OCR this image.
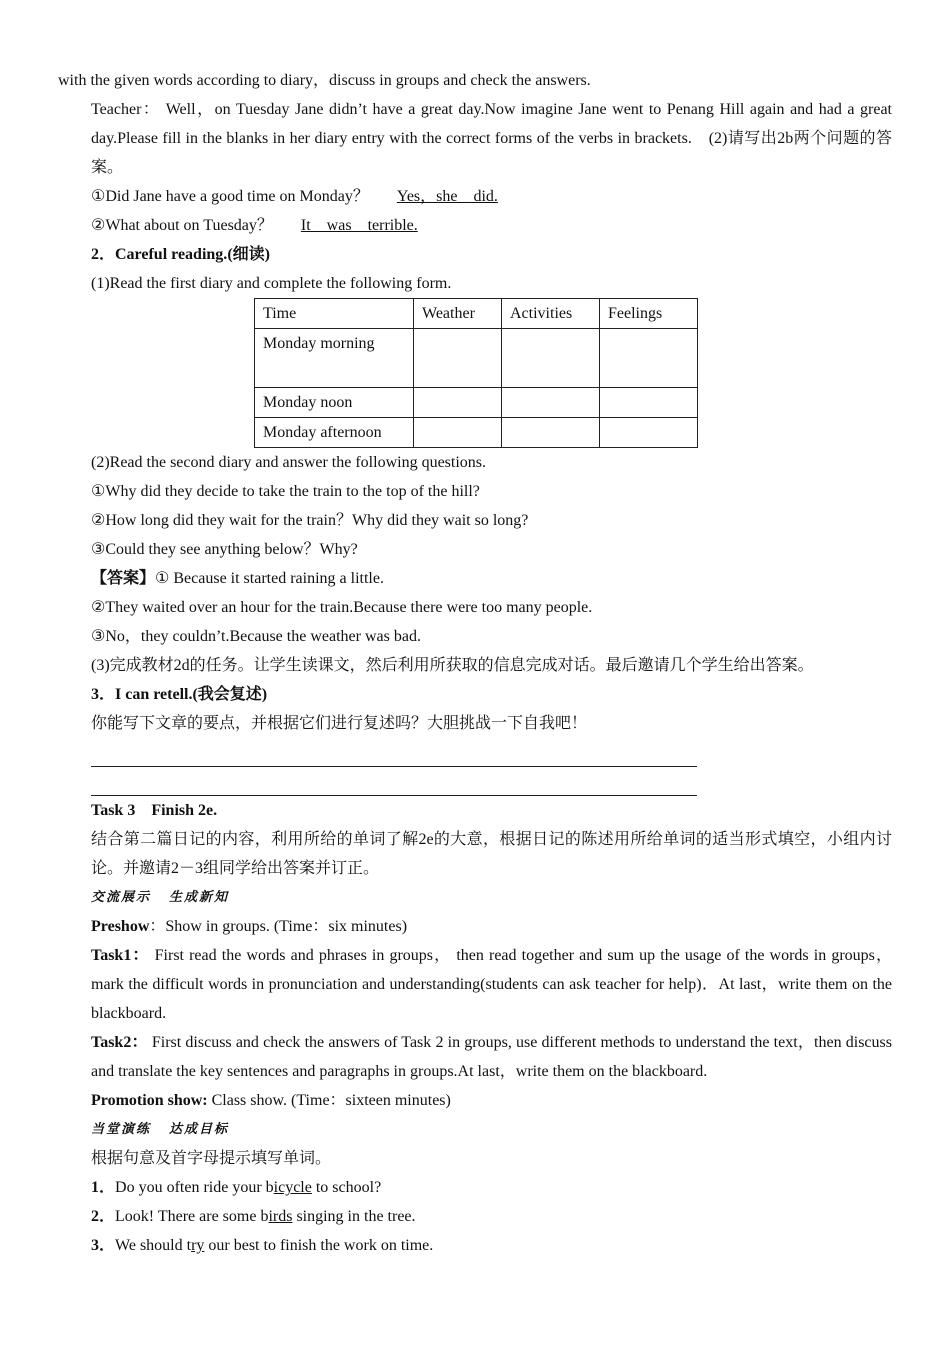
with the given words according to diary，discuss in groups and check the answers.

Teacher： Well，on Tuesday Jane didn’t have a great day.Now imagine Jane went to Penang Hill again and had a great day.Please fill in the blanks in her diary entry with the correct forms of the verbs in brackets.　(2)请写出2b两个问题的答案。

①Did Jane have a good time on Monday？ Yes，she　did.

②What about on Tuesday？ It　was　terrible.

2．Careful reading.(细读)

(1)Read the first diary and complete the following form.

Time	Weather	Activities	Feelings
Monday morning			
Monday noon			
Monday afternoon			

(2)Read the second diary and answer the following questions.

①Why did they decide to take the train to the top of the hill?

②How long did they wait for the train？Why did they wait so long?

③Could they see anything below？Why?

【答案】① Because it started raining a little.

②They waited over an hour for the train.Because there were too many people.

③No，they couldn’t.Because the weather was bad.

(3)完成教材2d的任务。让学生读课文，然后利用所获取的信息完成对话。最后邀请几个学生给出答案。

3．I can retell.(我会复述)

你能写下文章的要点，并根据它们进行复述吗？大胆挑战一下自我吧！

Task 3　Finish 2e.

结合第二篇日记的内容，利用所给的单词了解2e的大意，根据日记的陈述用所给单词的适当形式填空，小组内讨论。并邀请2－3组同学给出答案并订正。

交流展示 生成新知

Preshow：Show in groups. (Time：six minutes)

Task1： First read the words and phrases in groups， then read together and sum up the usage of the words in groups，mark the difficult words in pronunciation and understanding(students can ask teacher for help)．At last，write them on the blackboard.

Task2： First discuss and check the answers of Task 2 in groups, use different methods to understand the text，then discuss and translate the key sentences and paragraphs in groups.At last，write them on the blackboard.

Promotion show: Class show. (Time：sixteen minutes)

当堂演练 达成目标

根据句意及首字母提示填写单词。

1．Do you often ride your bicycle to school?

2．Look! There are some birds singing in the tree.

3．We should try our best to finish the work on time.
